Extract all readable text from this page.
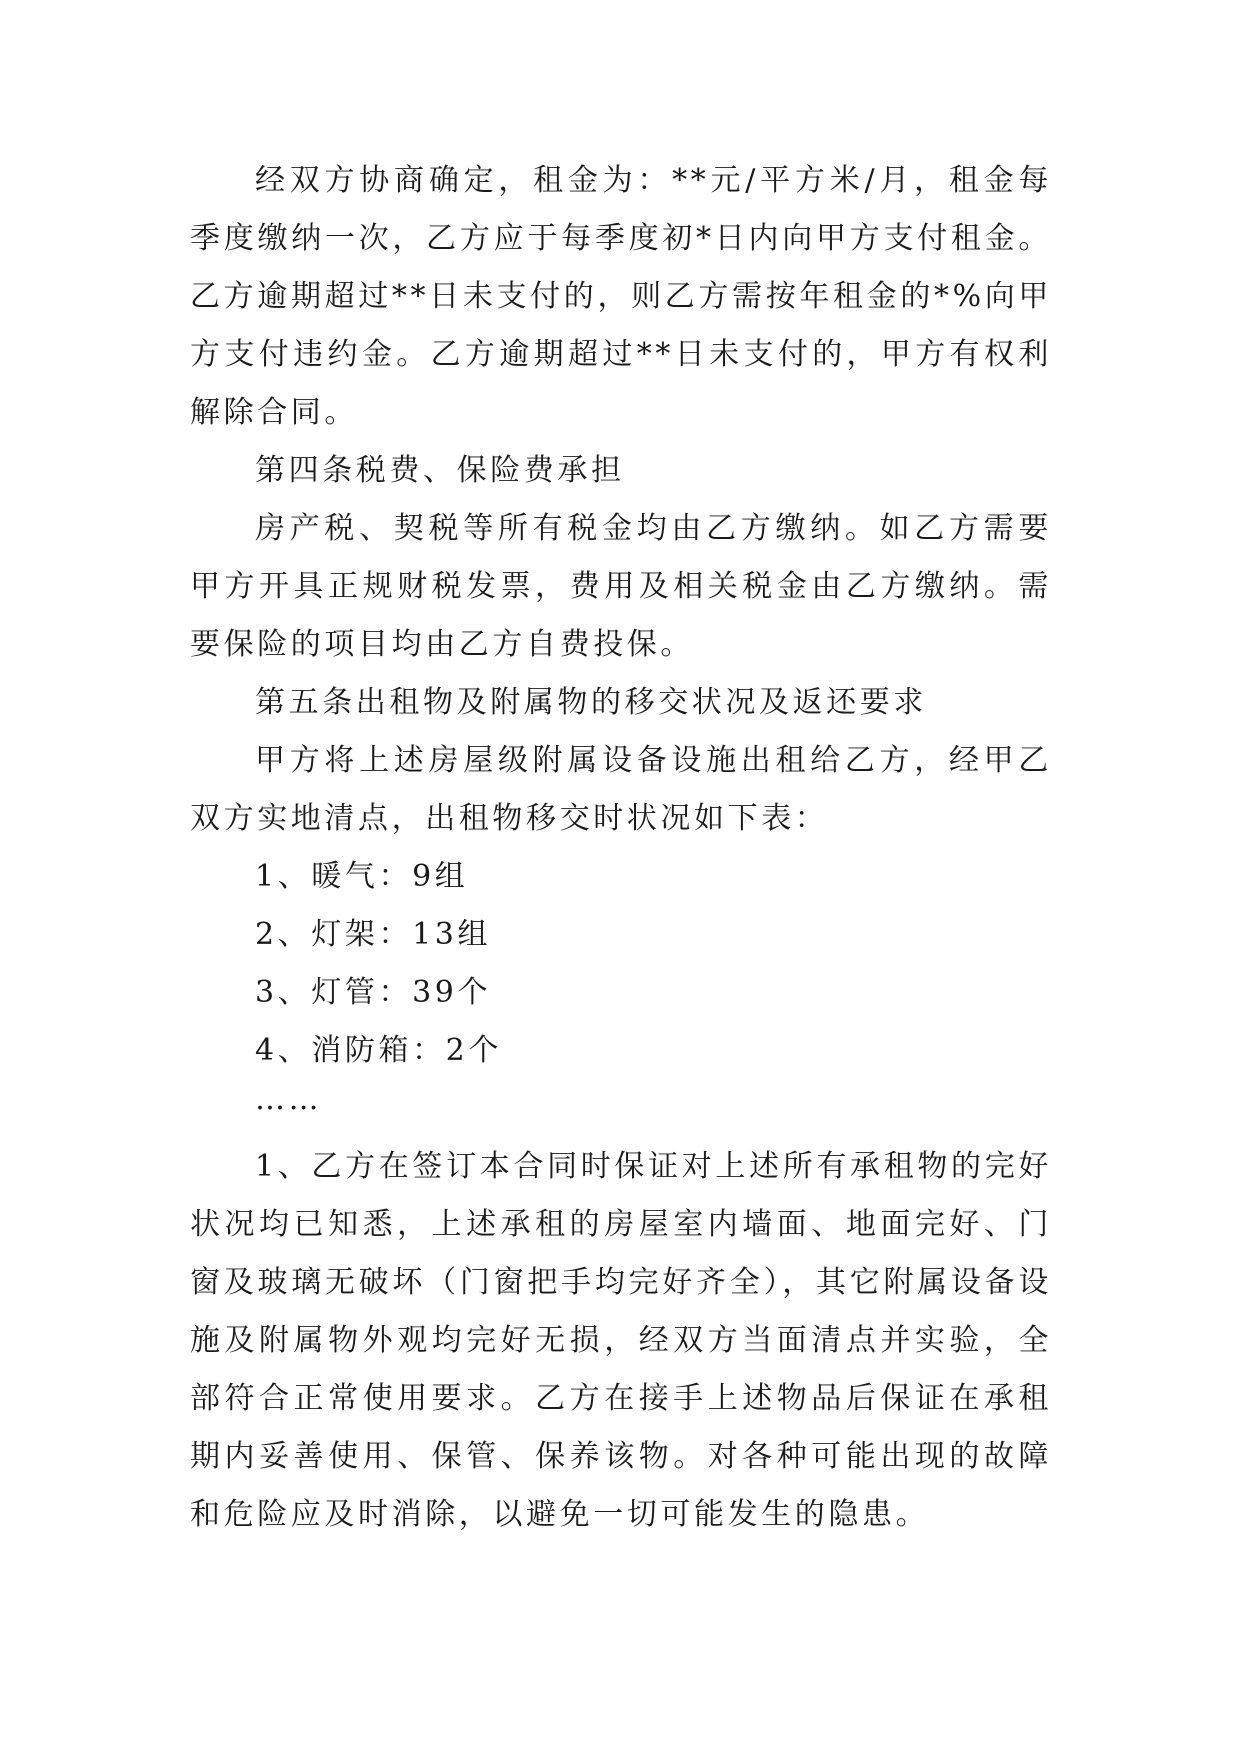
经双方协商确定，租金为：**元/平方米/月，租金每季度缴纳一次，乙方应于每季度初*日内向甲方支付租金。乙方逾期超过**日未支付的，则乙方需按年租金的*%向甲方支付违约金。乙方逾期超过**日未支付的，甲方有权利解除合同。

第四条税费、保险费承担

房产税、契税等所有税金均由乙方缴纳。如乙方需要甲方开具正规财税发票，费用及相关税金由乙方缴纳。需要保险的项目均由乙方自费投保。

第五条出租物及附属物的移交状况及返还要求

甲方将上述房屋级附属设备设施出租给乙方，经甲乙双方实地清点，出租物移交时状况如下表：

1、暖气：9组

2、灯架：13组

3、灯管：39个

4、消防箱：2个

……

1、乙方在签订本合同时保证对上述所有承租物的完好状况均已知悉，上述承租的房屋室内墙面、地面完好、门窗及玻璃无破坏（门窗把手均完好齐全），其它附属设备设施及附属物外观均完好无损，经双方当面清点并实验，全部符合正常使用要求。乙方在接手上述物品后保证在承租期内妥善使用、保管、保养该物。对各种可能出现的故障和危险应及时消除，以避免一切可能发生的隐患。
